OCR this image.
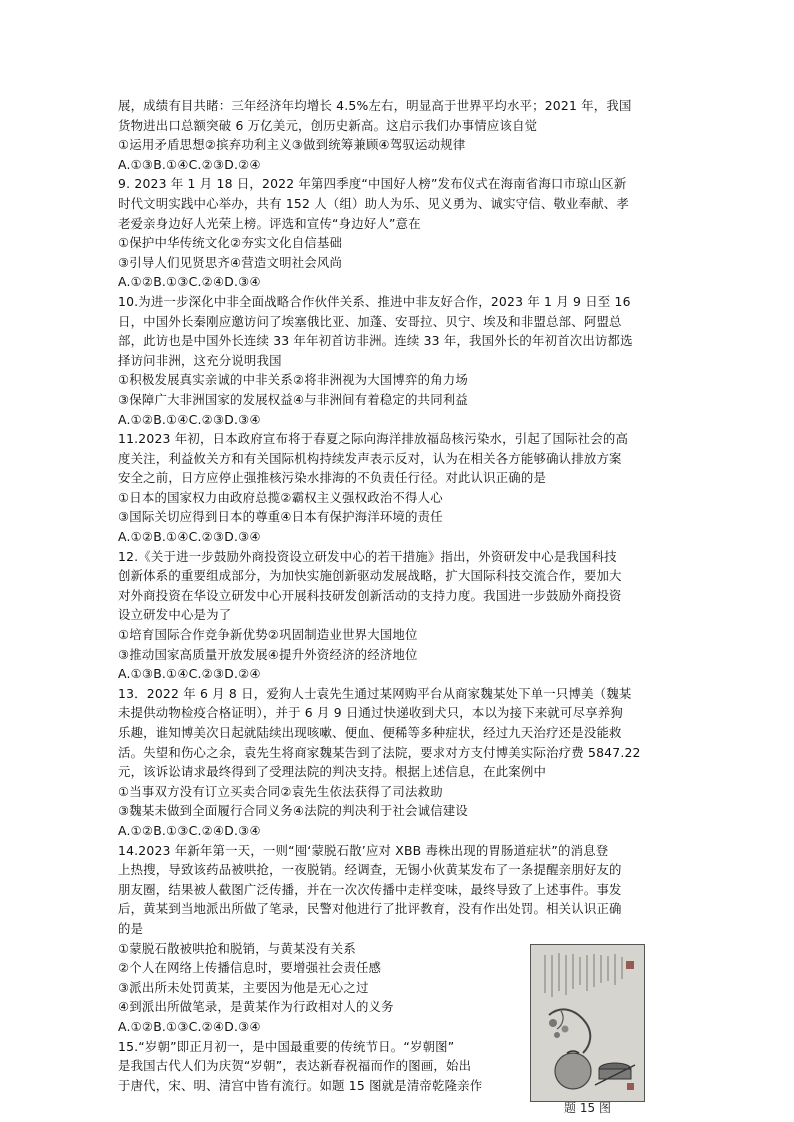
展，成绩有目共睹：三年经济年均增长 4.5%左右，明显高于世界平均水平；2021 年，我国
货物进出口总额突破 6 万亿美元，创历史新高。这启示我们办事情应该自觉
①运用矛盾思想②摈弃功利主义③做到统筹兼顾④驾驭运动规律
A.①③B.①④C.②③D.②④
9. 2023 年 1 月 18 日，2022 年第四季度“中国好人榜”发布仪式在海南省海口市琼山区新
时代文明实践中心举办，共有 152 人（组）助人为乐、见义勇为、诚实守信、敬业奉献、孝
老爱亲身边好人光荣上榜。评选和宣传“身边好人”意在
①保护中华传统文化②夯实文化自信基础
③引导人们见贤思齐④营造文明社会风尚
A.①②B.①③C.②④D.③④
10.为进一步深化中非全面战略合作伙伴关系、推进中非友好合作，2023 年 1 月 9 日至 16
日，中国外长秦刚应邀访问了埃塞俄比亚、加蓬、安哥拉、贝宁、埃及和非盟总部、阿盟总
部，此访也是中国外长连续 33 年年初首访非洲。连续 33 年，我国外长的年初首次出访都选
择访问非洲，这充分说明我国
①积极发展真实亲诚的中非关系②将非洲视为大国博弈的角力场
③保障广大非洲国家的发展权益④与非洲间有着稳定的共同利益
A.①②B.①④C.②③D.③④
11.2023 年初，日本政府宣布将于春夏之际向海洋排放福岛核污染水，引起了国际社会的高
度关注，利益攸关方和有关国际机构持续发声表示反对，认为在相关各方能够确认排放方案
安全之前，日方应停止强推核污染水排海的不负责任行径。对此认识正确的是
①日本的国家权力由政府总揽②霸权主义强权政治不得人心
③国际关切应得到日本的尊重④日本有保护海洋环境的责任
A.①②B.①④C.②③D.③④
12.《关于进一步鼓励外商投资设立研发中心的若干措施》指出，外资研发中心是我国科技
创新体系的重要组成部分，为加快实施创新驱动发展战略，扩大国际科技交流合作，要加大
对外商投资在华设立研发中心开展科技研发创新活动的支持力度。我国进一步鼓励外商投资
设立研发中心是为了
①培育国际合作竞争新优势②巩固制造业世界大国地位
③推动国家高质量开放发展④提升外资经济的经济地位
A.①③B.①④C.②③D.②④
13．2022 年 6 月 8 日，爱狗人士袁先生通过某网购平台从商家魏某处下单一只博美（魏某
未提供动物检疫合格证明），并于 6 月 9 日通过快递收到犬只，本以为接下来就可尽享养狗
乐趣，谁知博美次日起就陆续出现咳嗽、便血、便稀等多种症状，经过九天治疗还是没能救
活。失望和伤心之余，袁先生将商家魏某告到了法院，要求对方支付博美实际治疗费 5847.22
元，该诉讼请求最终得到了受理法院的判决支持。根据上述信息，在此案例中
①当事双方没有订立买卖合同②袁先生依法获得了司法救助
③魏某未做到全面履行合同义务④法院的判决利于社会诚信建设
A.①②B.①③C.②④D.③④
14.2023 年新年第一天，一则“囤‘蒙脱石散’应对 XBB 毒株出现的胃肠道症状”的消息登
上热搜，导致该药品被哄抢，一夜脱销。经调查，无锡小伙黄某发布了一条提醒亲朋好友的
朋友圈，结果被人截图广泛传播，并在一次次传播中走样变味，最终导致了上述事件。事发
后，黄某到当地派出所做了笔录，民警对他进行了批评教育，没有作出处罚。相关认识正确
的是
①蒙脱石散被哄抢和脱销，与黄某没有关系
②个人在网络上传播信息时，要增强社会责任感
③派出所未处罚黄某，主要因为他是无心之过
④到派出所做笔录，是黄某作为行政相对人的义务
A.①②B.①③C.②④D.③④
15.“岁朝”即正月初一，是中国最重要的传统节日。“岁朝图”
是我国古代人们为庆贺“岁朝”，表达新春祝福而作的图画，始出
于唐代，宋、明、清宫中皆有流行。如题 15 图就是清帝乾隆亲作
题 15 图
